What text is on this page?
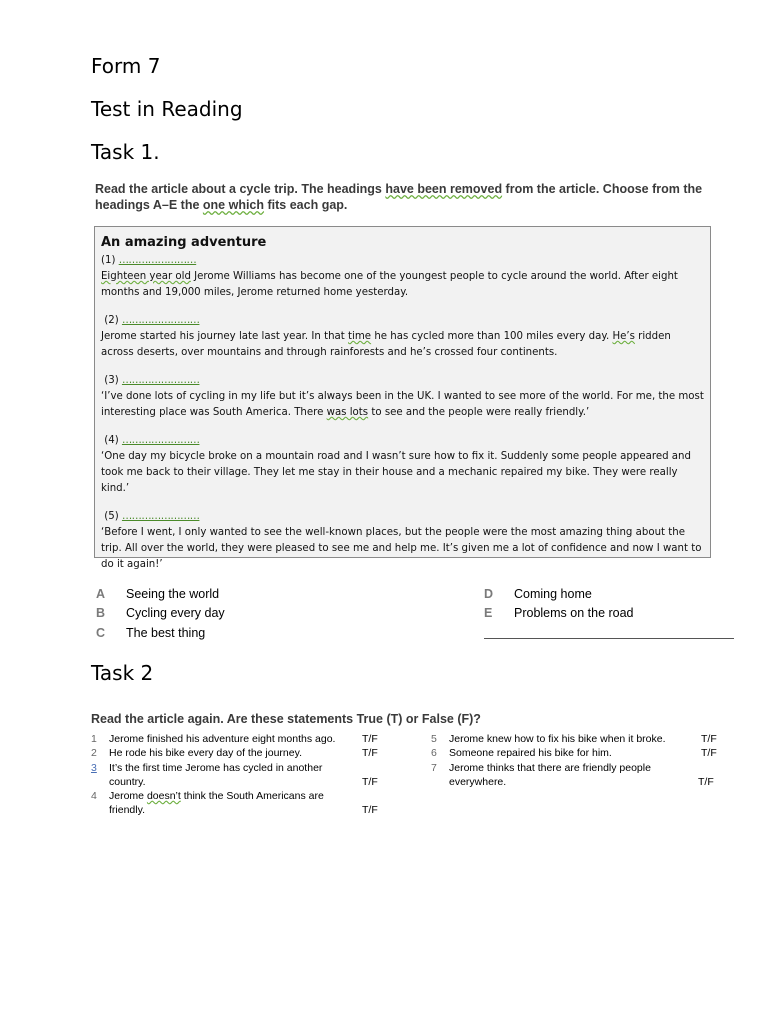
Form 7
Test in Reading
Task 1.

Read the article about a cycle trip. The headings have been removed from the article. Choose from the headings A–E the one which fits each gap.

An amazing adventure

(1) ……………………
Eighteen year old Jerome Williams has become one of the youngest people to cycle around the world. After eight months and 19,000 miles, Jerome returned home yesterday.
(2) ……………………
Jerome started his journey late last year. In that time he has cycled more than 100 miles every day. He’s ridden across deserts, over mountains and through rainforests and he’s crossed four continents.
(3) ……………………
‘I’ve done lots of cycling in my life but it’s always been in the UK. I wanted to see more of the world. For me, the most interesting place was South America. There was lots to see and the people were really friendly.’
(4) ……………………
‘One day my bicycle broke on a mountain road and I wasn’t sure how to fix it. Suddenly some people appeared and took me back to their village. They let me stay in their house and a mechanic repaired my bike. They were really kind.’
(5) ……………………
‘Before I went, I only wanted to see the well-known places, but the people were the most amazing thing about the trip. All over the world, they were pleased to see me and help me. It’s given me a lot of confidence and now I want to do it again!’
A	Seeing the world
B	Cycling every day
C	The best thing
D	Coming home
E	Problems on the road
Task 2

Read the article again. Are these statements True (T) or False (F)?

1 Jerome finished his adventure eight months ago.	T/F
2 He rode his bike every day of the journey.	T/F
3 It’s the first time Jerome has cycled in another
country.	T/F
4 Jerome doesn’t think the South Americans are
friendly.	T/F
5 Jerome knew how to fix his bike when it broke.	T/F
6 Someone repaired his bike for him.	T/F
7 Jerome thinks that there are friendly people
everywhere.	T/F
